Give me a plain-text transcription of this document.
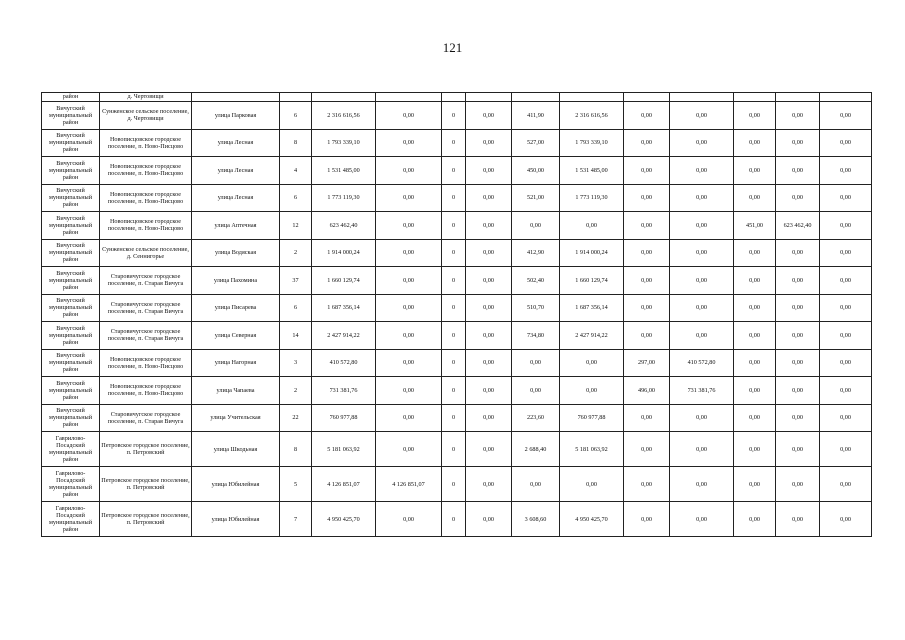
121
район	д. Чертовищи													
Вичугский муниципальный район	Сунженское сельское поселение, д. Чертовищи	улица Парковая	6	2 316 616,56	0,00	0	0,00	411,90	2 316 616,56	0,00	0,00	0,00	0,00	0,00
Вичугский муниципальный район	Новописцовское городское поселение, п. Ново-Писцово	улица Лесная	8	1 793 339,10	0,00	0	0,00	527,00	1 793 339,10	0,00	0,00	0,00	0,00	0,00
Вичугский муниципальный район	Новописцовское городское поселение, п. Ново-Писцово	улица Лесная	4	1 531 485,00	0,00	0	0,00	450,00	1 531 485,00	0,00	0,00	0,00	0,00	0,00
Вичугский муниципальный район	Новописцовское городское поселение, п. Ново-Писцово	улица Лесная	6	1 773 119,30	0,00	0	0,00	521,00	1 773 119,30	0,00	0,00	0,00	0,00	0,00
Вичугский муниципальный район	Новописцовское городское поселение, п. Ново-Писцово	улица Аптечная	12	623 462,40	0,00	0	0,00	0,00	0,00	0,00	0,00	451,00	623 462,40	0,00
Вичугский муниципальный район	Сунженское сельское поселение, д. Сеннигорье	улица Водяская	2	1 914 000,24	0,00	0	0,00	412,90	1 914 000,24	0,00	0,00	0,00	0,00	0,00
Вичугский муниципальный район	Старовичугское городское поселение, п. Старая Вичуга	улица Пахомина	37	1 660 129,74	0,00	0	0,00	502,40	1 660 129,74	0,00	0,00	0,00	0,00	0,00
Вичугский муниципальный район	Старовичугское городское поселение, п. Старая Вичуга	улица Писарева	6	1 687 356,14	0,00	0	0,00	510,70	1 687 356,14	0,00	0,00	0,00	0,00	0,00
Вичугский муниципальный район	Старовичугское городское поселение, п. Старая Вичуга	улица Северная	14	2 427 914,22	0,00	0	0,00	734,80	2 427 914,22	0,00	0,00	0,00	0,00	0,00
Вичугский муниципальный район	Новописцовское городское поселение, п. Ново-Писцово	улица Нагорная	3	410 572,80	0,00	0	0,00	0,00	0,00	297,00	410 572,80	0,00	0,00	0,00
Вичугский муниципальный район	Новописцовское городское поселение, п. Ново-Писцово	улица Чапаева	2	731 381,76	0,00	0	0,00	0,00	0,00	496,00	731 381,76	0,00	0,00	0,00
Вичугский муниципальный район	Старовичугское городское поселение, п. Старая Вичуга	улица Учительская	22	760 977,88	0,00	0	0,00	223,60	760 977,88	0,00	0,00	0,00	0,00	0,00
Гаврилово-Посадский муниципальный район	Петровское городское поселение, п. Петровский	улица Шкодьная	8	5 181 063,92	0,00	0	0,00	2 688,40	5 181 063,92	0,00	0,00	0,00	0,00	0,00
Гаврилово-Посадский муниципальный район	Петровское городское поселение, п. Петровский	улица Юбилейная	5	4 126 851,07	4 126 851,07	0	0,00	0,00	0,00	0,00	0,00	0,00	0,00	0,00
Гаврилово-Посадский муниципальный район	Петровское городское поселение, п. Петровский	улица Юбилейная	7	4 950 425,70	0,00	0	0,00	3 608,60	4 950 425,70	0,00	0,00	0,00	0,00	0,00
